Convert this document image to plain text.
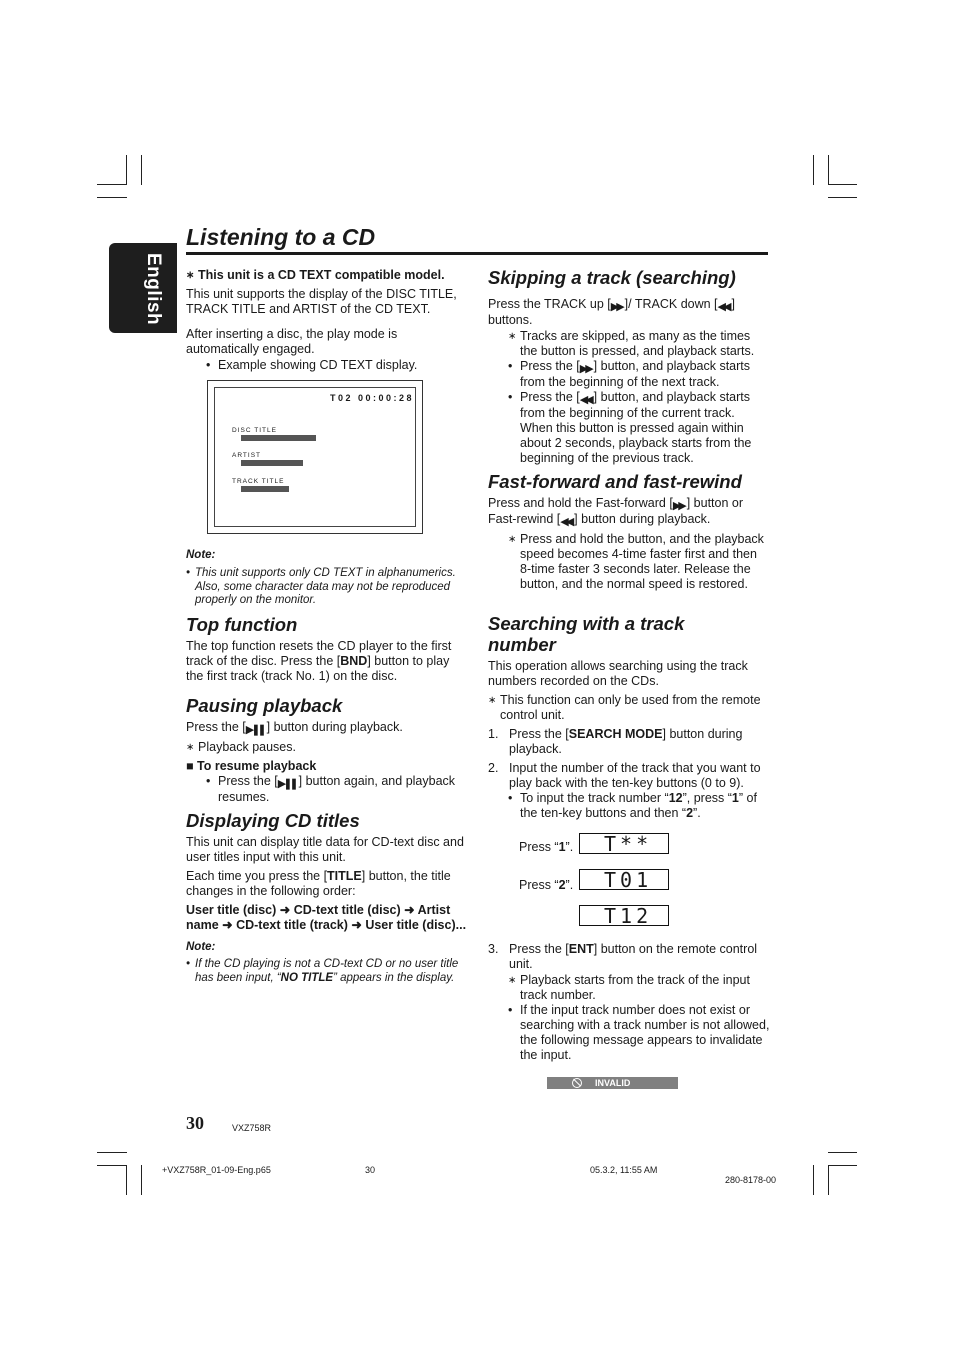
English
Listening to a CD
∗ This unit is a CD TEXT compatible model.

This unit supports the display of the DISC TITLE, TRACK TITLE and ARTIST of the CD TEXT.

After inserting a disc, the play mode is automatically engaged.

• Example showing CD TEXT display.
T02 00:00:28
DISC TITLE
ARTIST
TRACK TITLE
Note:
• This unit supports only CD TEXT in alphanumerics. Also, some character data may not be reproduced properly on the monitor.
Top function

The top function resets the CD player to the first track of the disc. Press the [BND] button to play the first track (track No. 1) on the disc.

Pausing playback

Press the [▶❚❚ ] button during playback.

∗ Playback pauses.
■ To resume playback
• Press the [▶❚❚ ] button again, and playback resumes.
Displaying CD titles

This unit can display title data for CD-text disc and user titles input with this unit.

Each time you press the [TITLE] button, the title changes in the following order:

User title (disc) ➜ CD-text title (disc) ➜ Artist name ➜ CD-text title (track) ➜ User title (disc)...

Note:
• If the CD playing is not a CD-text CD or no user title has been input, “NO TITLE” appears in the display.
Skipping a track (searching)

Press the TRACK up [▶▶ ]/ TRACK down [◀◀ ] buttons.

∗ Tracks are skipped, as many as the times the button is pressed, and playback starts.
• Press the [▶▶ ] button, and playback starts from the beginning of the next track.
• Press the [◀◀ ] button, and playback starts from the beginning of the current track. When this button is pressed again within about 2 seconds, playback starts from the beginning of the previous track.
Fast-forward and fast-rewind

Press and hold the Fast-forward [▶▶ ] button or Fast-rewind [◀◀ ] button during playback.

∗ Press and hold the button, and the playback speed becomes 4-time faster first and then 8-time faster 3 seconds later. Release the button, and the normal speed is restored.
Searching with a track number

This operation allows searching using the track numbers recorded on the CDs.

∗ This function can only be used from the remote control unit.
1. Press the [SEARCH MODE] button during playback.
2. Input the number of the track that you want to play back with the ten-key buttons (0 to 9).
• To input the track number “12”, press “1” of the ten-key buttons and then “2”.

Press “1”.	T**

Press “2”.	T01
T12
3. Press the [ENT] button on the remote control unit.
∗ Playback starts from the track of the input track number.
• If the input track number does not exist or searching with a track number is not allowed, the following message appears to invalidate the input.
INVALID
30	VXZ758R
+VXZ758R_01-09-Eng.p65	30	05.3.2, 11:55 AM
280-8178-00
